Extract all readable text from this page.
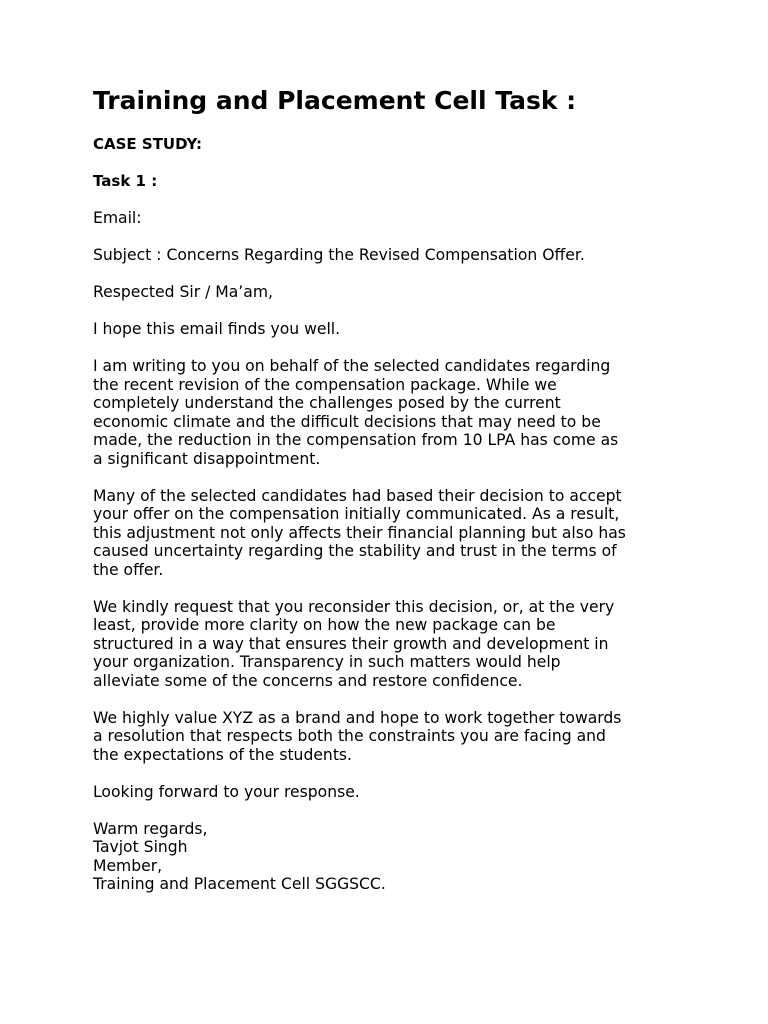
Training and Placement Cell Task :
CASE STUDY:
Task 1 :
Email:
Subject : Concerns Regarding the Revised Compensation Offer.
Respected Sir / Ma’am,
I hope this email finds you well.
I am writing to you on behalf of the selected candidates regarding
the recent revision of the compensation package. While we
completely understand the challenges posed by the current
economic climate and the difficult decisions that may need to be
made, the reduction in the compensation from 10 LPA has come as
a significant disappointment.
Many of the selected candidates had based their decision to accept
your offer on the compensation initially communicated. As a result,
this adjustment not only affects their financial planning but also has
caused uncertainty regarding the stability and trust in the terms of
the offer.
We kindly request that you reconsider this decision, or, at the very
least, provide more clarity on how the new package can be
structured in a way that ensures their growth and development in
your organization. Transparency in such matters would help
alleviate some of the concerns and restore confidence.
We highly value XYZ as a brand and hope to work together towards
a resolution that respects both the constraints you are facing and
the expectations of the students.
Looking forward to your response.
Warm regards,
Tavjot Singh
Member,
Training and Placement Cell SGGSCC.
